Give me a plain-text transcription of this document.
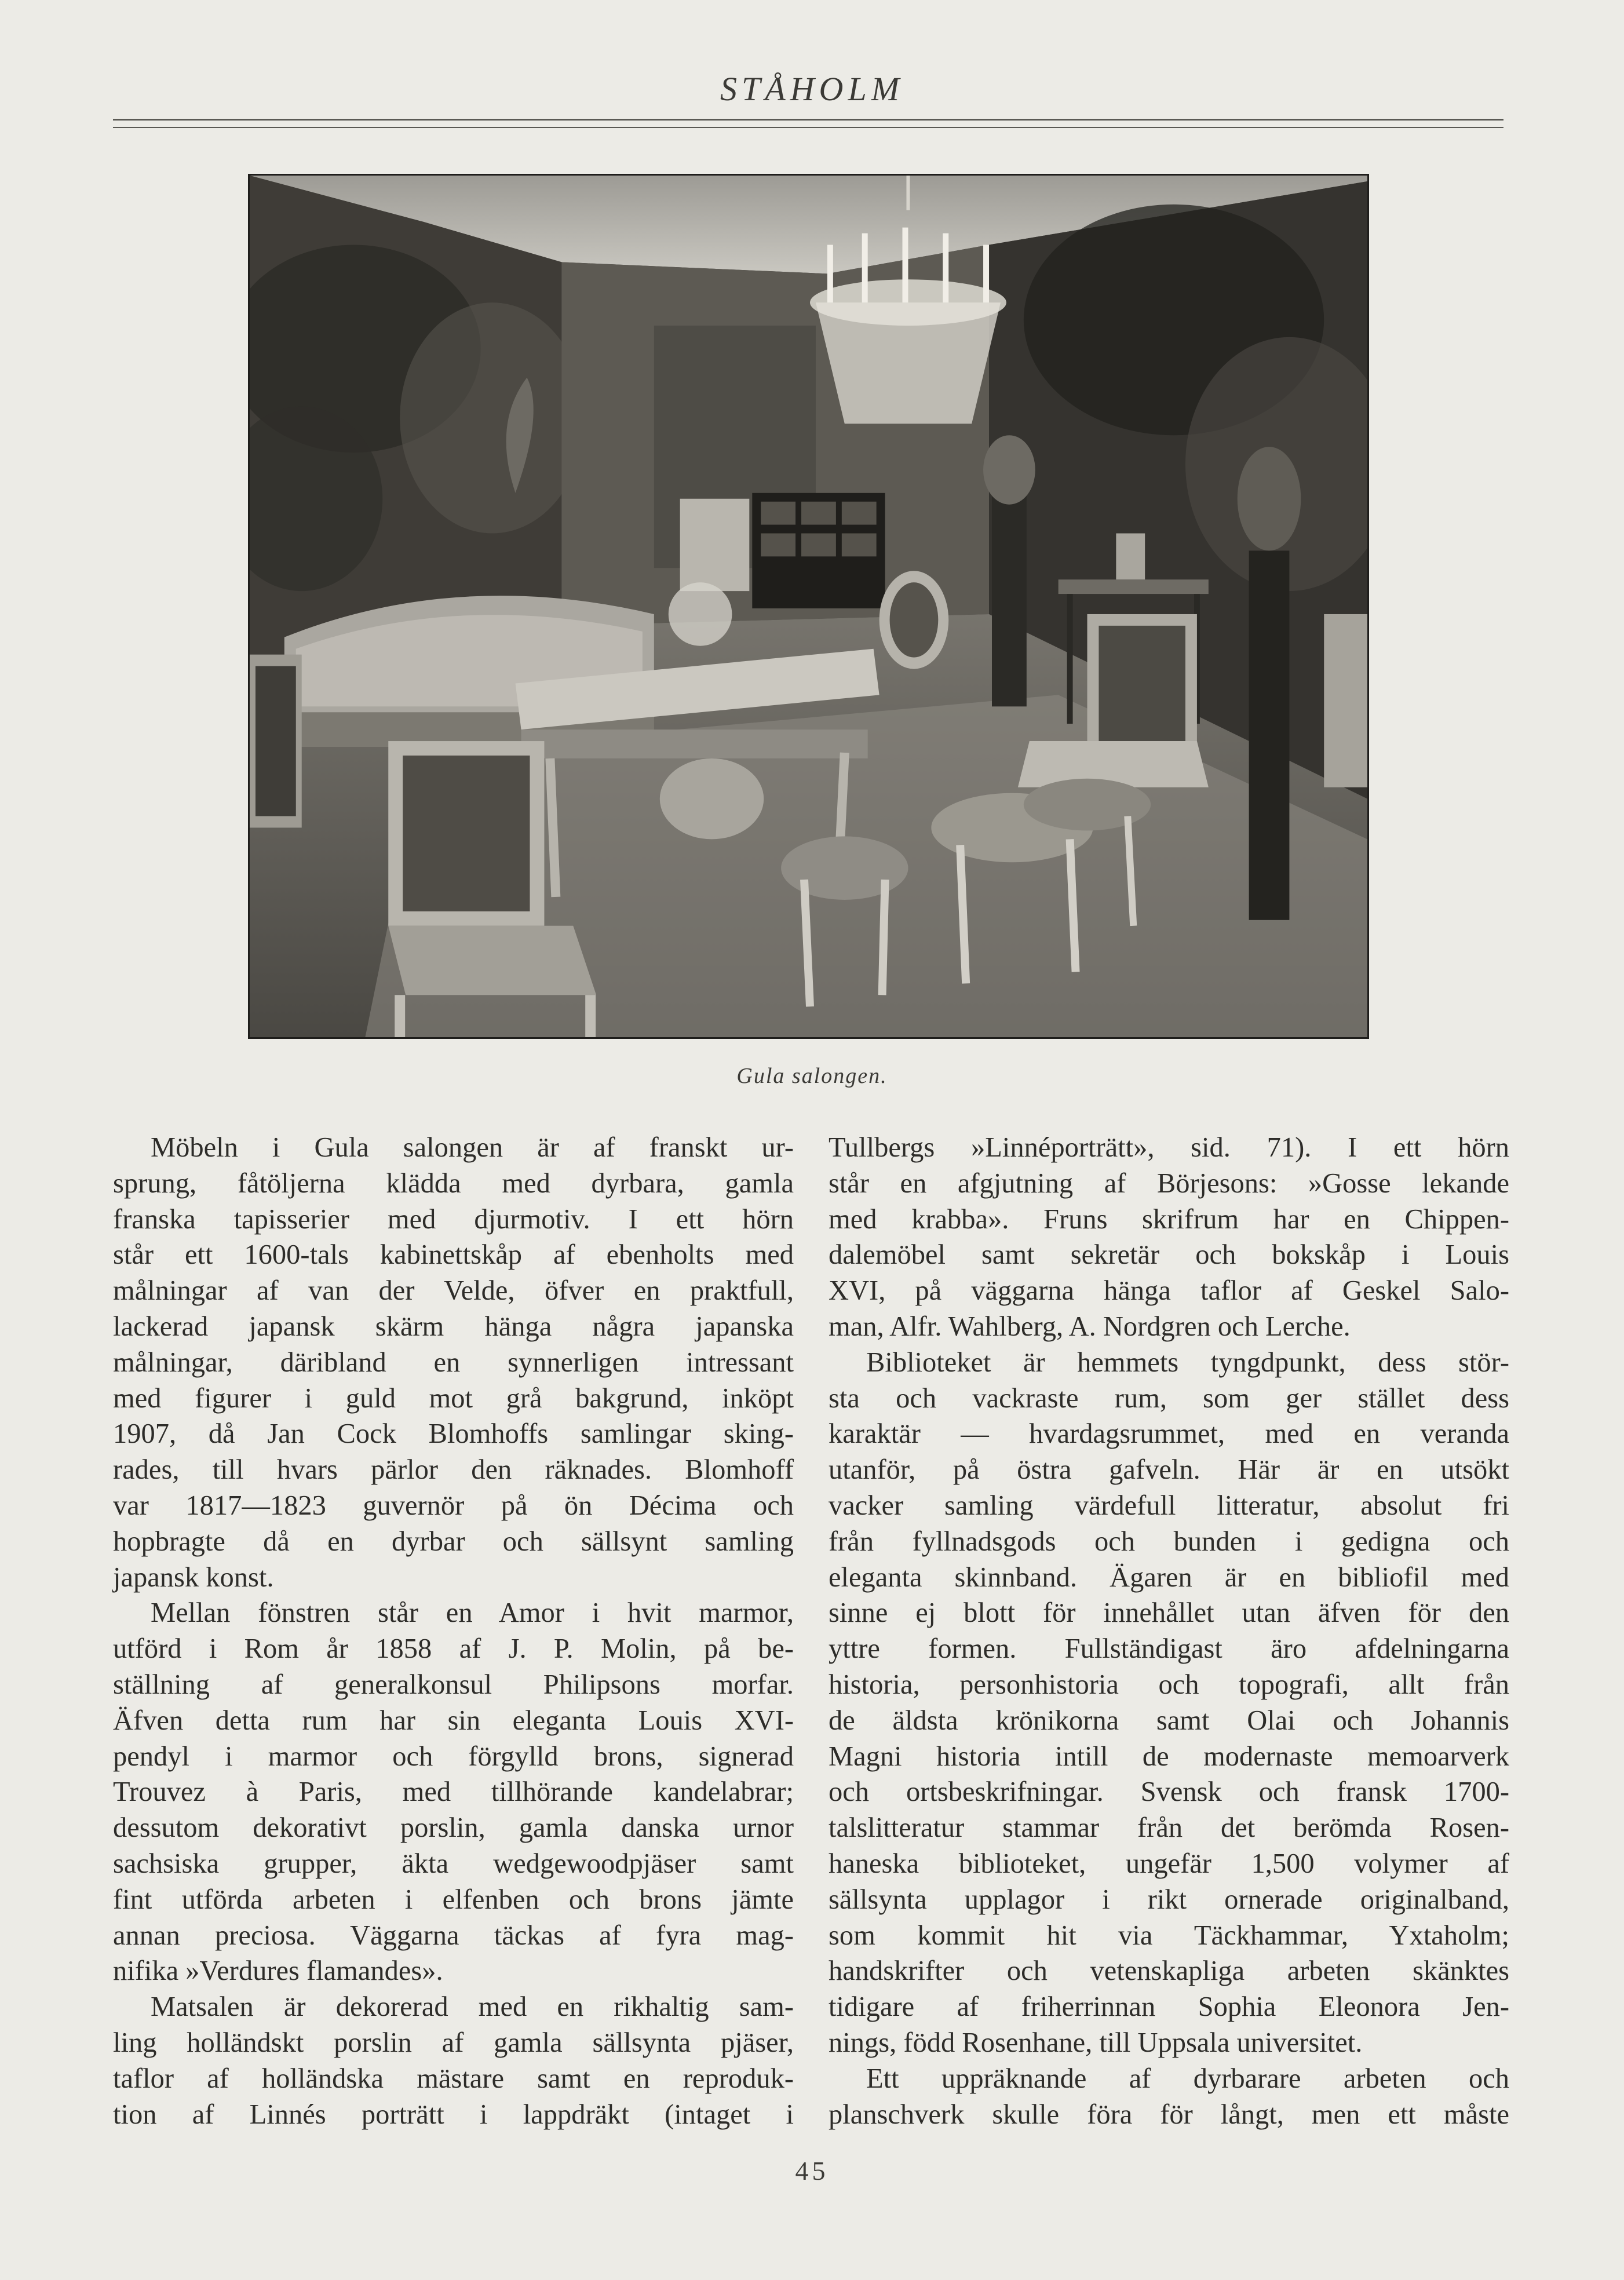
STÅHOLM
Gula salongen.
Möbeln i Gula salongen är af franskt ur-
sprung, fåtöljerna klädda med dyrbara, gamla
franska tapisserier med djurmotiv. I ett hörn
står ett 1600-tals kabinettskåp af ebenholts med
målningar af van der Velde, öfver en praktfull,
lackerad japansk skärm hänga några japanska
målningar, däribland en synnerligen intressant
med figurer i guld mot grå bakgrund, inköpt
1907, då Jan Cock Blomhoffs samlingar sking-
rades, till hvars pärlor den räknades. Blomhoff
var 1817—1823 guvernör på ön Décima och
hopbragte då en dyrbar och sällsynt samling
japansk konst.
Mellan fönstren står en Amor i hvit marmor,
utförd i Rom år 1858 af J. P. Molin, på be-
ställning af generalkonsul Philipsons morfar.
Äfven detta rum har sin eleganta Louis XVI-
pendyl i marmor och förgylld brons, signerad
Trouvez à Paris, med tillhörande kandelabrar;
dessutom dekorativt porslin, gamla danska urnor
sachsiska grupper, äkta wedgewoodpjäser samt
fint utförda arbeten i elfenben och brons jämte
annan preciosa. Väggarna täckas af fyra mag-
nifika »Verdures flamandes».
Matsalen är dekorerad med en rikhaltig sam-
ling holländskt porslin af gamla sällsynta pjäser,
taflor af holländska mästare samt en reproduk-
tion af Linnés porträtt i lappdräkt (intaget i
Tullbergs »Linnéporträtt», sid. 71). I ett hörn
står en afgjutning af Börjesons: »Gosse lekande
med krabba». Fruns skrifrum har en Chippen-
dalemöbel samt sekretär och bokskåp i Louis
XVI, på väggarna hänga taflor af Geskel Salo-
man, Alfr. Wahlberg, A. Nordgren och Lerche.
Biblioteket är hemmets tyngdpunkt, dess stör-
sta och vackraste rum, som ger stället dess
karaktär — hvardagsrummet, med en veranda
utanför, på östra gafveln. Här är en utsökt
vacker samling värdefull litteratur, absolut fri
från fyllnadsgods och bunden i gedigna och
eleganta skinnband. Ägaren är en bibliofil med
sinne ej blott för innehållet utan äfven för den
yttre formen. Fullständigast äro afdelningarna
historia, personhistoria och topografi, allt från
de äldsta krönikorna samt Olai och Johannis
Magni historia intill de modernaste memoarverk
och ortsbeskrifningar. Svensk och fransk 1700-
talslitteratur stammar från det berömda Rosen-
haneska biblioteket, ungefär 1,500 volymer af
sällsynta upplagor i rikt ornerade originalband,
som kommit hit via Täckhammar, Yxtaholm;
handskrifter och vetenskapliga arbeten skänktes
tidigare af friherrinnan Sophia Eleonora Jen-
nings, född Rosenhane, till Uppsala universitet.
Ett uppräknande af dyrbarare arbeten och
planschverk skulle föra för långt, men ett måste
45
